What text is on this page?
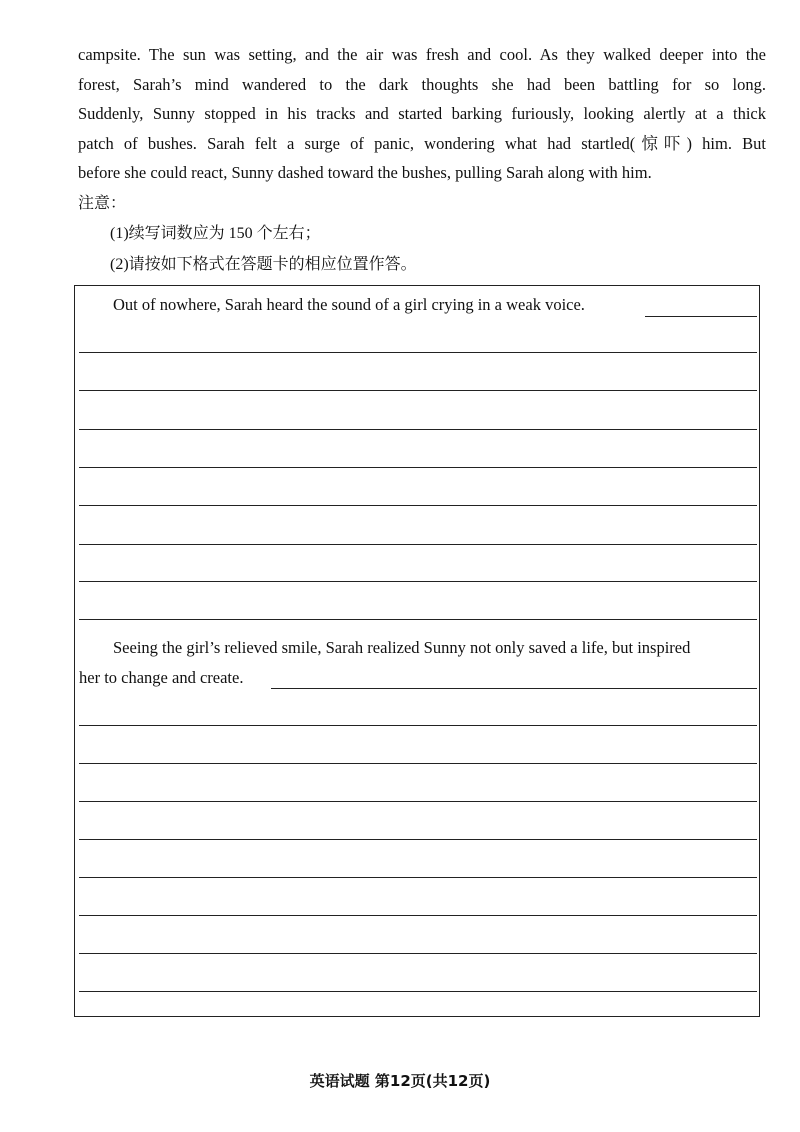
campsite. The sun was setting, and the air was fresh and cool. As they walked deeper into the
forest, Sarah’s mind wandered to the dark thoughts she had been battling for so long.
Suddenly, Sunny stopped in his tracks and started barking furiously, looking alertly at a thick
patch of bushes. Sarah felt a surge of panic, wondering what had startled(惊吓) him. But
before she could react, Sunny dashed toward the bushes, pulling Sarah along with him.
注意：
(1)续写词数应为 150 个左右；
(2)请按如下格式在答题卡的相应位置作答。
Out of nowhere, Sarah heard the sound of a girl crying in a weak voice.
Seeing the girl’s relieved smile, Sarah realized Sunny not only saved a life, but inspired
her to change and create.
英语试题 第12页(共12页)
